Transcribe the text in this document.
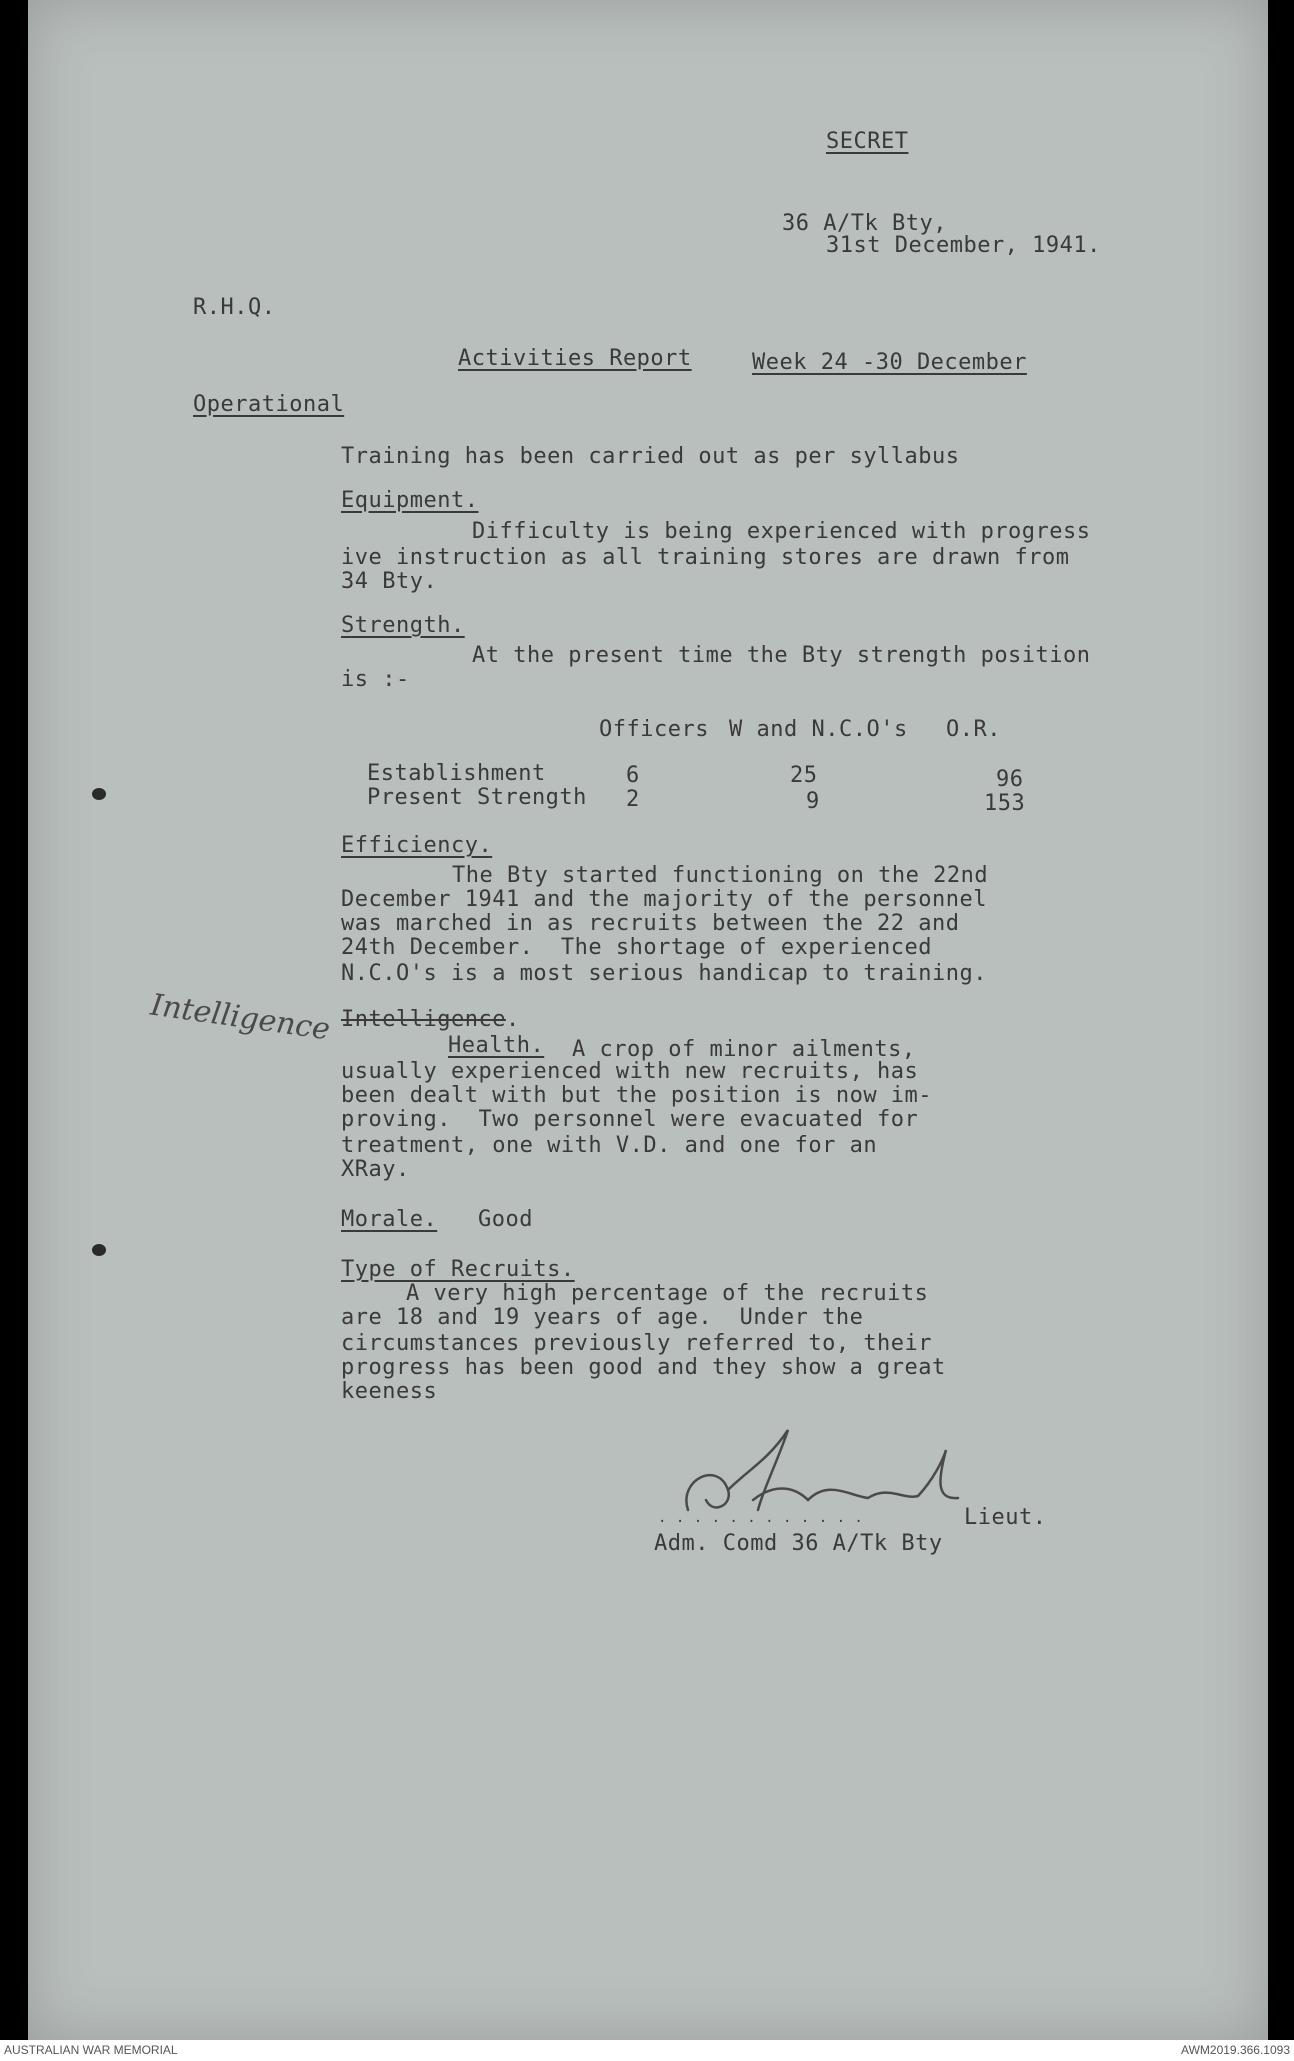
SECRET
36 A/Tk Bty,
31st December, 1941.
R.H.Q.
Activities Report	Week 24 -30 December
Operational
Training has been carried out as per syllabus
Equipment.
Difficulty is being experienced with progress
ive instruction as all training stores are drawn from
34 Bty.
Strength.
At the present time the Bty strength position
is :-
Officers W and N.C.O's O.R.
Establishment	6	25	96
Present Strength 2	9	153
Efficiency.
The Bty started functioning on the 22nd
December 1941 and the majority of the personnel
was marched in as recruits between the 22 and
24th December.  The shortage of experienced
N.C.O's is a most serious handicap to training.
Intelligence Intelligence.
Health. A crop of minor ailments,
usually experienced with new recruits, has
been dealt with but the position is now im-
proving.  Two personnel were evacuated for
treatment, one with V.D. and one for an
XRay.
Morale. Good
Type of Recruits.
A very high percentage of the recruits
are 18 and 19 years of age.  Under the
circumstances previously referred to, their
progress has been good and they show a great
keeness
. . . . . . . . . . . .	Lieut.
Adm. Comd 36 A/Tk Bty
AUSTRALIAN WAR MEMORIAL	AWM2019.366.1093
